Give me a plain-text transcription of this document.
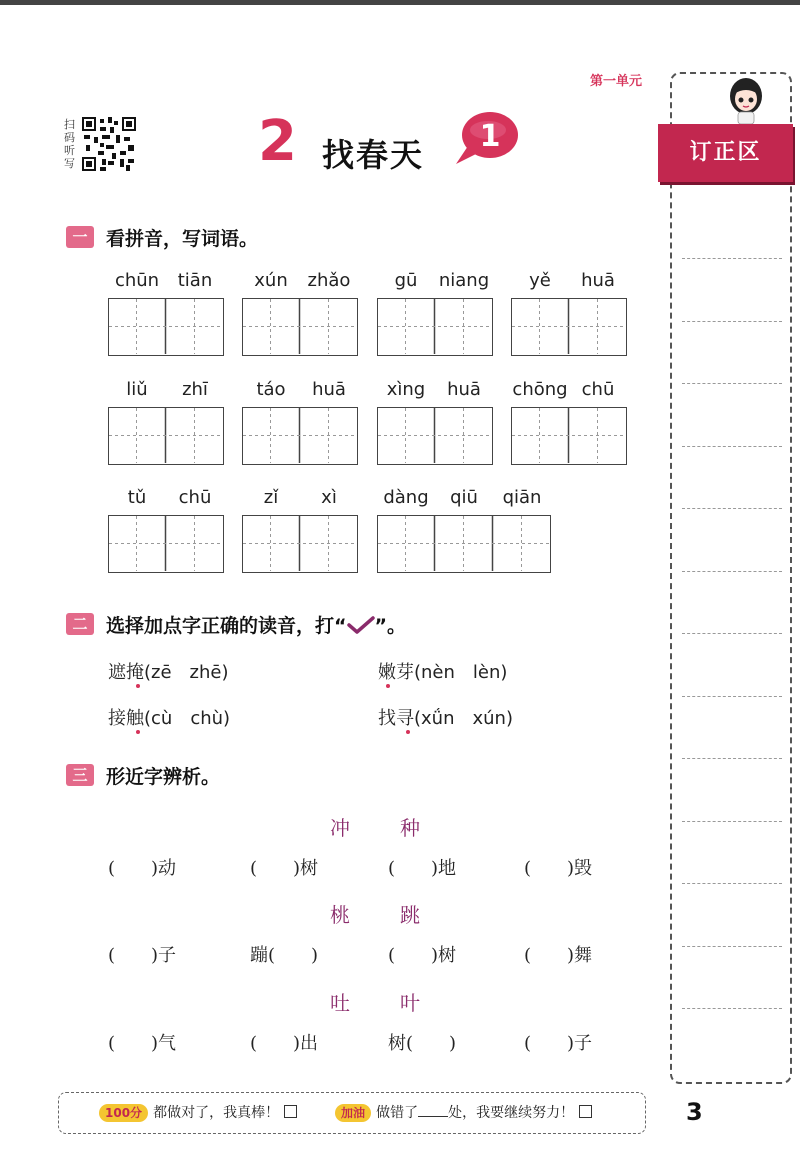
第一单元
扫码听写	2 找春天 1
一 看拼音，写词语。
chūn	tiān	xún	zhǎo	gū	niang	yě	huā
liǔ	zhī	táo	huā	xìng	huā	chōng chū
tǔ	chū	zǐ	xì	dàng	qiū	qiān
二 选择加点字正确的读音，打“ ”。
遮掩(zē　zhē)	嫩芽(nèn　lèn)
接触(cù　chù)	找寻(xǘn　xún)
三 形近字辨析。
冲	种
(　　)动	(　　)树	(　　)地	(　　)毁
桃	跳
(　　)子	蹦(　　)	(　　)树	(　　)舞
吐	叶
(　　)气	(　　)出	树(　　)	(　　)子
订正区
100分 都做对了，我真棒！	加油 做错了 处，我要继续努力！	3
